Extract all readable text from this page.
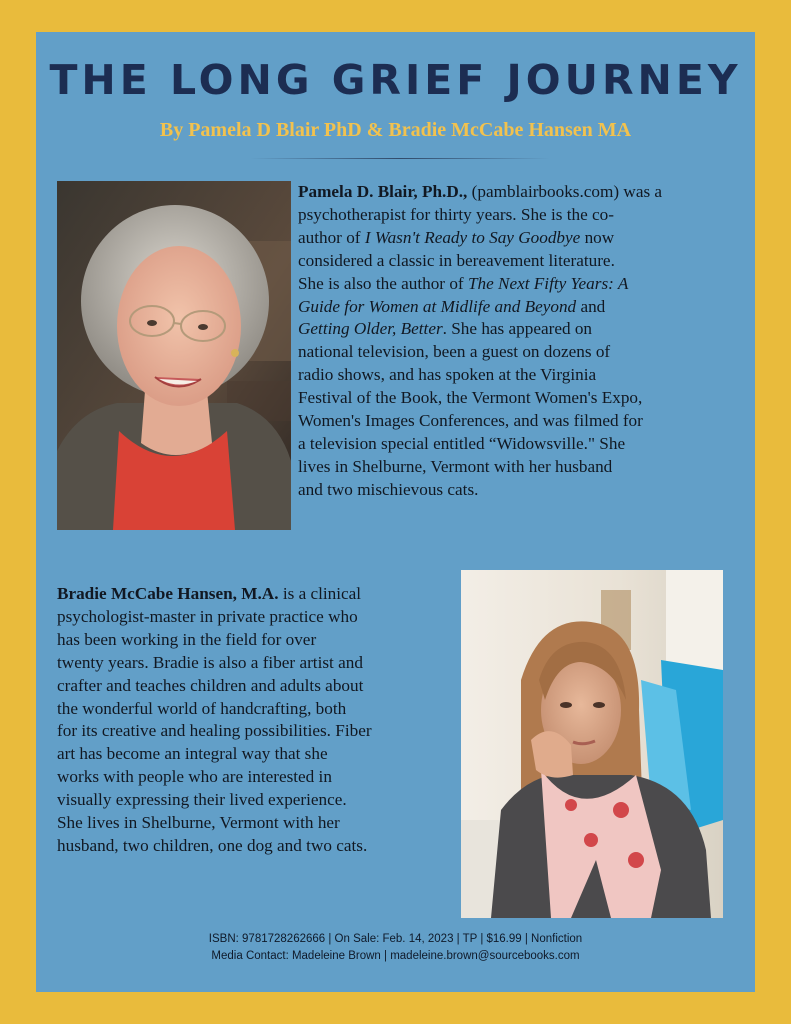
THE LONG GRIEF JOURNEY
By Pamela D Blair PhD & Bradie McCabe Hansen MA
Pamela D. Blair, Ph.D., (pamblairbooks.com) was a
psychotherapist for thirty years. She is the co-
author of I Wasn't Ready to Say Goodbye now
considered a classic in bereavement literature.
She is also the author of The Next Fifty Years: A
Guide for Women at Midlife and Beyond and
Getting Older, Better. She has appeared on
national television, been a guest on dozens of
radio shows, and has spoken at the Virginia
Festival of the Book, the Vermont Women's Expo,
Women's Images Conferences, and was filmed for
a television special entitled “Widowsville." She
lives in Shelburne, Vermont with her husband
and two mischievous cats.
Bradie McCabe Hansen, M.A. is a clinical
psychologist-master in private practice who
has been working in the field for over
twenty years. Bradie is also a fiber artist and
crafter and teaches children and adults about
the wonderful world of handcrafting, both
for its creative and healing possibilities. Fiber
art has become an integral way that she
works with people who are interested in
visually expressing their lived experience.
She lives in Shelburne, Vermont with her
husband, two children, one dog and two cats.
ISBN: 9781728262666 | On Sale: Feb. 14, 2023 | TP | $16.99 | Nonfiction
Media Contact: Madeleine Brown | madeleine.brown@sourcebooks.com
